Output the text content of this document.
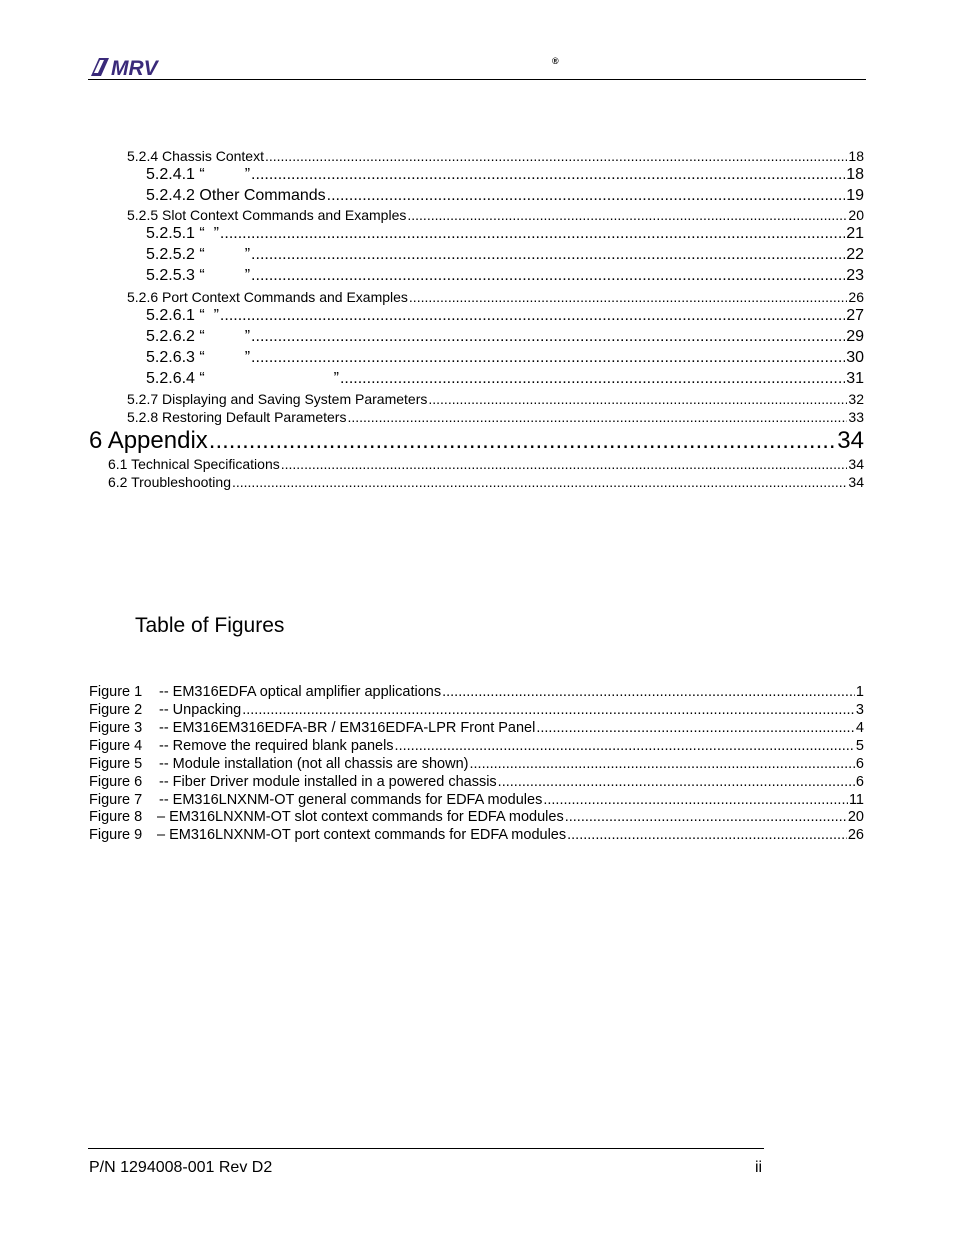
MRV	®
5.2.4 Chassis Context .....	18
5.2.4.1 “         ” .....	18
5.2.4.2 Other Commands .....	19
5.2.5 Slot Context Commands and Examples .....	20
5.2.5.1 “  ” .....	21
5.2.5.2 “         ” .....	22
5.2.5.3 “         ” .....	23
5.2.6 Port Context Commands and Examples .....	26
5.2.6.1 “  ” .....	27
5.2.6.2 “         ” .....	29
5.2.6.3 “         ” .....	30
5.2.6.4 “                             ” .....	31
5.2.7 Displaying and Saving System Parameters .....	32
5.2.8 Restoring Default Parameters .....	33
6 Appendix .....	34
6.1 Technical Specifications .....	34
6.2 Troubleshooting .....	34
Table of Figures
Figure 1	-- EM316EDFA optical amplifier applications .....	1
Figure 2	-- Unpacking .....	3
Figure 3	-- EM316EM316EDFA-BR / EM316EDFA-LPR Front Panel .....	4
Figure 4	-- Remove the required blank panels .....	5
Figure 5	-- Module installation (not all chassis are shown) .....	6
Figure 6	-- Fiber Driver module installed in a powered chassis .....	6
Figure 7	-- EM316LNXNM-OT general commands for EDFA modules .....	11
Figure 8	– EM316LNXNM-OT slot context commands for EDFA modules .....	20
Figure 9	– EM316LNXNM-OT port context commands for EDFA modules .....	26
P/N 1294008-001 Rev D2	ii
